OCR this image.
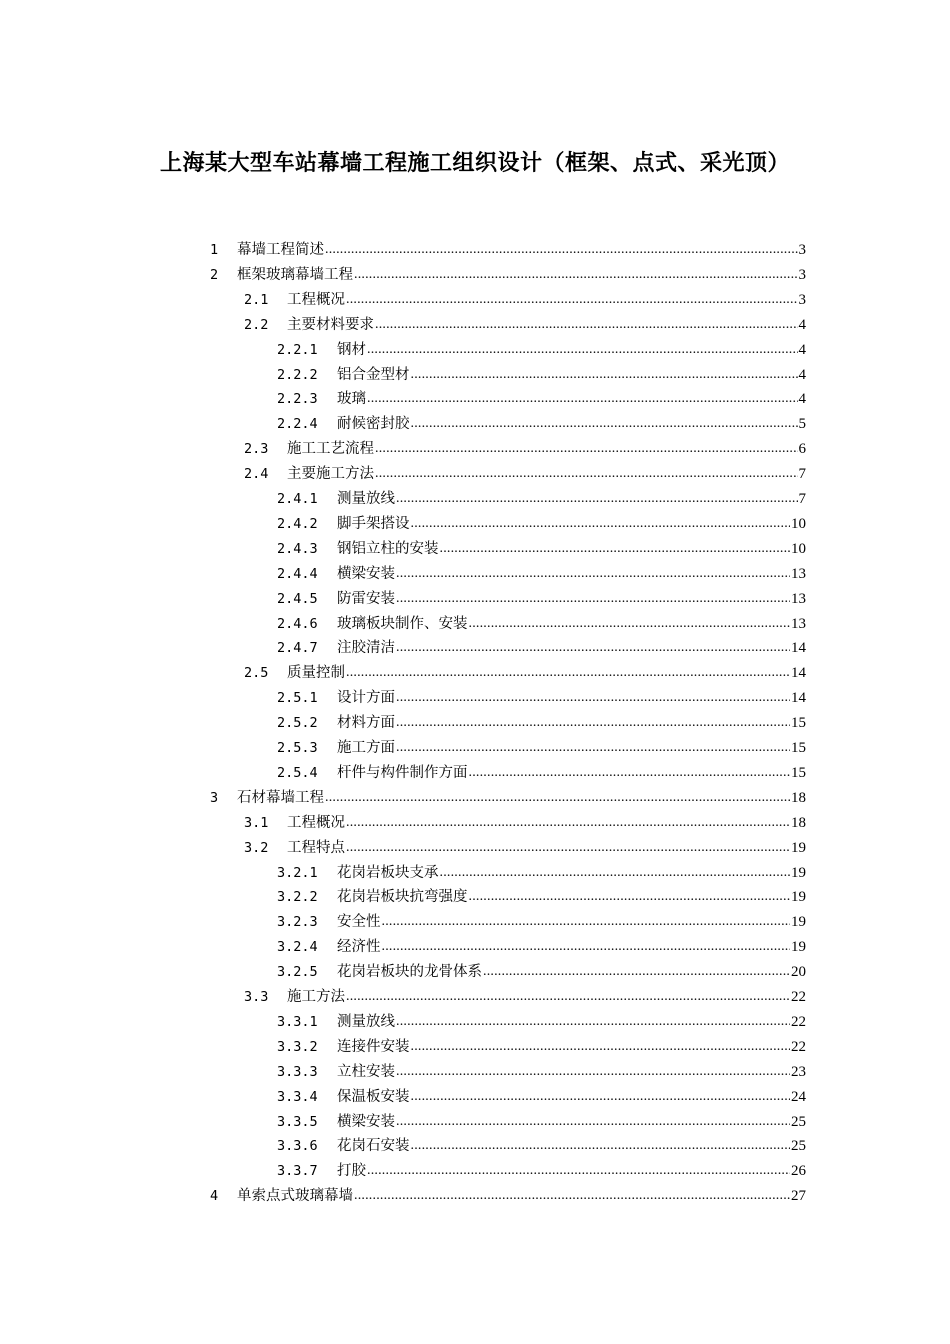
上海某大型车站幕墙工程施工组织设计（框架、点式、采光顶）
1	幕墙工程简述 .....	3
2	框架玻璃幕墙工程 .....	3
2.1	工程概况 .....	3
2.2	主要材料要求 .....	4
2.2.1	钢材 .....	4
2.2.2	铝合金型材 .....	4
2.2.3	玻璃 .....	4
2.2.4	耐候密封胶 .....	5
2.3	施工工艺流程 .....	6
2.4	主要施工方法 .....	7
2.4.1	测量放线 .....	7
2.4.2	脚手架搭设 .....	10
2.4.3	钢铝立柱的安装 .....	10
2.4.4	横梁安装 .....	13
2.4.5	防雷安装 .....	13
2.4.6	玻璃板块制作、安装 .....	13
2.4.7	注胶清洁 .....	14
2.5	质量控制 .....	14
2.5.1	设计方面 .....	14
2.5.2	材料方面 .....	15
2.5.3	施工方面 .....	15
2.5.4	杆件与构件制作方面 .....	15
3	石材幕墙工程 .....	18
3.1	工程概况 .....	18
3.2	工程特点 .....	19
3.2.1	花岗岩板块支承 .....	19
3.2.2	花岗岩板块抗弯强度 .....	19
3.2.3	安全性 .....	19
3.2.4	经济性 .....	19
3.2.5	花岗岩板块的龙骨体系 .....	20
3.3	施工方法 .....	22
3.3.1	测量放线 .....	22
3.3.2	连接件安装 .....	22
3.3.3	立柱安装 .....	23
3.3.4	保温板安装 .....	24
3.3.5	横梁安装 .....	25
3.3.6	花岗石安装 .....	25
3.3.7	打胶 .....	26
4	单索点式玻璃幕墙 .....	27
